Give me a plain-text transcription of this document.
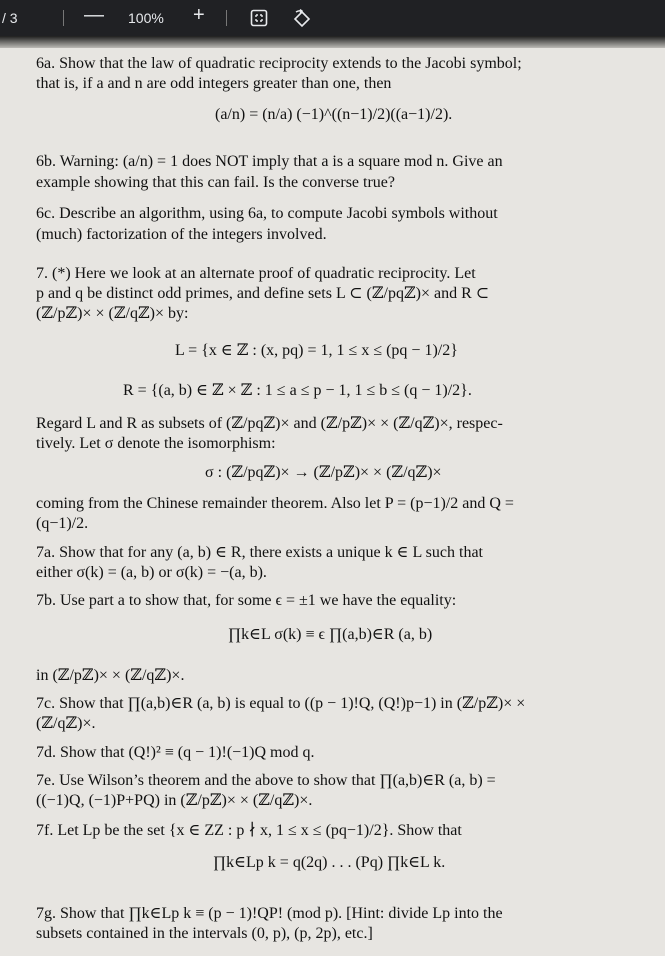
/ 3	— 100% +
6a. Show that the law of quadratic reciprocity extends to the Jacobi symbol;
that is, if a and n are odd integers greater than one, then
(a/n) = (n/a) (−1)^((n−1)/2)((a−1)/2).
6b. Warning: (a/n) = 1 does NOT imply that a is a square mod n. Give an
example showing that this can fail. Is the converse true?
6c. Describe an algorithm, using 6a, to compute Jacobi symbols without
(much) factorization of the integers involved.
7. (*) Here we look at an alternate proof of quadratic reciprocity. Let
p and q be distinct odd primes, and define sets L ⊂ (ℤ/pqℤ)× and R ⊂
(ℤ/pℤ)× × (ℤ/qℤ)× by:
L = {x ∈ ℤ : (x, pq) = 1, 1 ≤ x ≤ (pq − 1)/2}
R = {(a, b) ∈ ℤ × ℤ : 1 ≤ a ≤ p − 1, 1 ≤ b ≤ (q − 1)/2}.
Regard L and R as subsets of (ℤ/pqℤ)× and (ℤ/pℤ)× × (ℤ/qℤ)×, respec-
tively. Let σ denote the isomorphism:
σ : (ℤ/pqℤ)× → (ℤ/pℤ)× × (ℤ/qℤ)×
coming from the Chinese remainder theorem. Also let P = (p−1)/2 and Q =
(q−1)/2.
7a. Show that for any (a, b) ∈ R, there exists a unique k ∈ L such that
either σ(k) = (a, b) or σ(k) = −(a, b).
7b. Use part a to show that, for some ϵ = ±1 we have the equality:
∏k∈L σ(k) ≡ ϵ ∏(a,b)∈R (a, b)
in (ℤ/pℤ)× × (ℤ/qℤ)×.
7c. Show that ∏(a,b)∈R (a, b) is equal to ((p − 1)!Q, (Q!)p−1) in (ℤ/pℤ)× ×
(ℤ/qℤ)×.
7d. Show that (Q!)² ≡ (q − 1)!(−1)Q mod q.
7e. Use Wilson’s theorem and the above to show that ∏(a,b)∈R (a, b) =
((−1)Q, (−1)P+PQ) in (ℤ/pℤ)× × (ℤ/qℤ)×.
7f. Let Lp be the set {x ∈ ZZ : p ∤ x, 1 ≤ x ≤ (pq−1)/2}. Show that
∏k∈Lp k = q(2q) . . . (Pq) ∏k∈L k.
7g. Show that ∏k∈Lp k ≡ (p − 1)!QP! (mod p). [Hint: divide Lp into the
subsets contained in the intervals (0, p), (p, 2p), etc.]
